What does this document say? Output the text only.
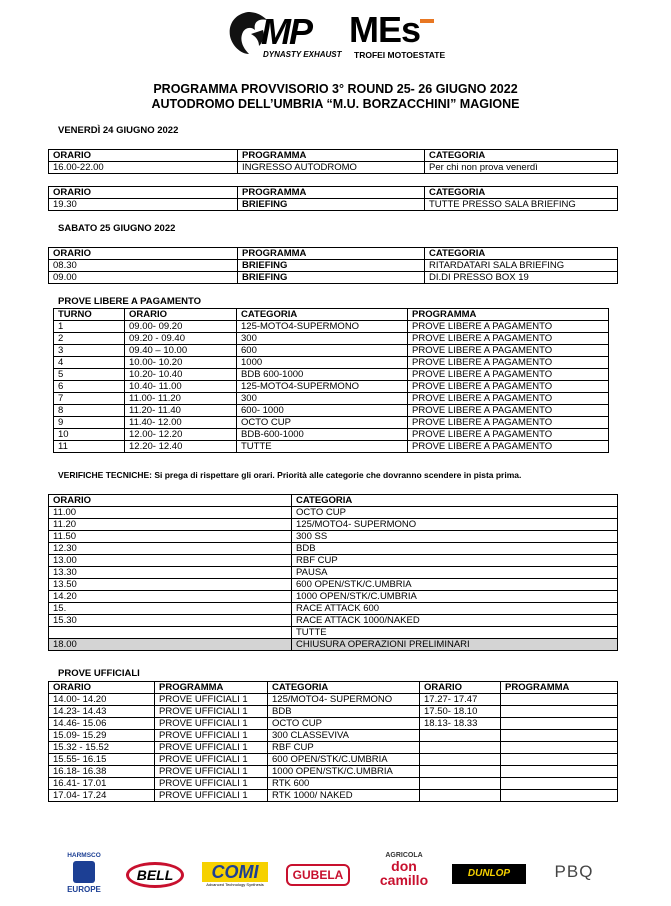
MP
DYNASTY EXHAUST
MEs
TROFEI MOTOESTATE
PROGRAMMA PROVVISORIO 3° ROUND 25- 26 GIUGNO 2022
AUTODROMO DELL’UMBRIA “M.U. BORZACCHINI” MAGIONE
VENERDÌ 24 GIUGNO 2022
ORARIO	PROGRAMMA	CATEGORIA
16.00-22.00	INGRESSO AUTODROMO	Per chi non prova venerdì
ORARIO	PROGRAMMA	CATEGORIA
19.30	BRIEFING	TUTTE PRESSO SALA BRIEFING
SABATO 25 GIUGNO 2022
ORARIO	PROGRAMMA	CATEGORIA
08.30	BRIEFING	RITARDATARI SALA BRIEFING
09.00	BRIEFING	DI.DI PRESSO BOX 19
PROVE LIBERE A PAGAMENTO
TURNO	ORARIO	CATEGORIA	PROGRAMMA
1	09.00- 09.20	125-MOTO4-SUPERMONO	PROVE LIBERE A PAGAMENTO
2	09.20 - 09.40	300	PROVE LIBERE A PAGAMENTO
3	09.40 – 10.00	600	PROVE LIBERE A PAGAMENTO
4	10.00- 10.20	1000	PROVE LIBERE A PAGAMENTO
5	10.20- 10.40	BDB 600-1000	PROVE LIBERE A PAGAMENTO
6	10.40- 11.00	125-MOTO4-SUPERMONO	PROVE LIBERE A PAGAMENTO
7	11.00- 11.20	300	PROVE LIBERE A PAGAMENTO
8	11.20- 11.40	600- 1000	PROVE LIBERE A PAGAMENTO
9	11.40- 12.00	OCTO CUP	PROVE LIBERE A PAGAMENTO
10	12.00- 12.20	BDB-600-1000	PROVE LIBERE A PAGAMENTO
11	12.20- 12.40	TUTTE	PROVE LIBERE A PAGAMENTO
VERIFICHE TECNICHE: Si prega di rispettare gli orari. Priorità alle categorie che dovranno scendere in pista prima.
ORARIO	CATEGORIA
11.00	OCTO CUP
11.20	125/MOTO4- SUPERMONO
11.50	300 SS
12.30	BDB
13.00	RBF CUP
13.30	PAUSA
13.50	600 OPEN/STK/C.UMBRIA
14.20	1000 OPEN/STK/C.UMBRIA
15.	RACE ATTACK 600
15.30	RACE ATTACK 1000/NAKED
	TUTTE
18.00	CHIUSURA OPERAZIONI PRELIMINARI
PROVE UFFICIALI
ORARIO	PROGRAMMA	CATEGORIA	ORARIO	PROGRAMMA
14.00- 14.20	PROVE UFFICIALI 1	125/MOTO4- SUPERMONO	17.27- 17.47	
14.23- 14.43	PROVE UFFICIALI 1	BDB	17.50- 18.10	
14.46- 15.06	PROVE UFFICIALI 1	OCTO CUP	18.13- 18.33	
15.09- 15.29	PROVE UFFICIALI 1	300 CLASSEVIVA		
15.32 - 15.52	PROVE UFFICIALI 1	RBF CUP		
15.55- 16.15	PROVE UFFICIALI 1	600 OPEN/STK/C.UMBRIA		
16.18- 16.38	PROVE UFFICIALI 1	1000 OPEN/STK/C.UMBRIA		
16.41- 17.01	PROVE UFFICIALI 1	RTK 600		
17.04- 17.24	PROVE UFFICIALI 1	RTK 1000/ NAKED		
HARMSCO
EUROPE
BELL	COMI
Advanced Technology Synthesis
GUBELA
AGRICOLA
don camillo	DUNLOP	PBQ
